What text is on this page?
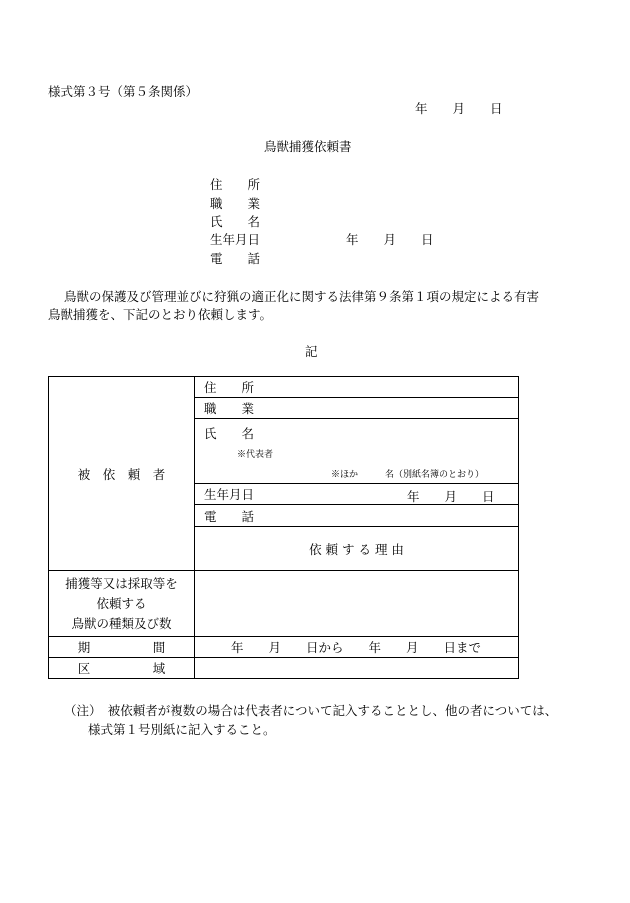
様式第３号（第５条関係）
年　　月　　日
鳥獣捕獲依頼書
住　　所
職　　業
氏　　名
生年月日	年　　月　　日
電　　話
鳥獣の保護及び管理並びに狩猟の適正化に関する法律第９条第１項の規定による有害
鳥獣捕獲を、下記のとおり依頼します。
記
被　依　頼　者	住　　所	
	職　　業	

	氏　　名
※代表者
※ほか　　　名（別紙名簿のとおり）	

	生年月日 年　　月　　日	

	電　　話	
	依 頼 す る 理 由	

捕獲等又は採取等を
依頼する
鳥獣の種類及び数		

期　　　　　間	年　　月　　日から　　年　　月　　日まで	
区　　　　　域		
（注）　被依頼者が複数の場合は代表者について記入することとし、他の者については、
様式第１号別紙に記入すること。
